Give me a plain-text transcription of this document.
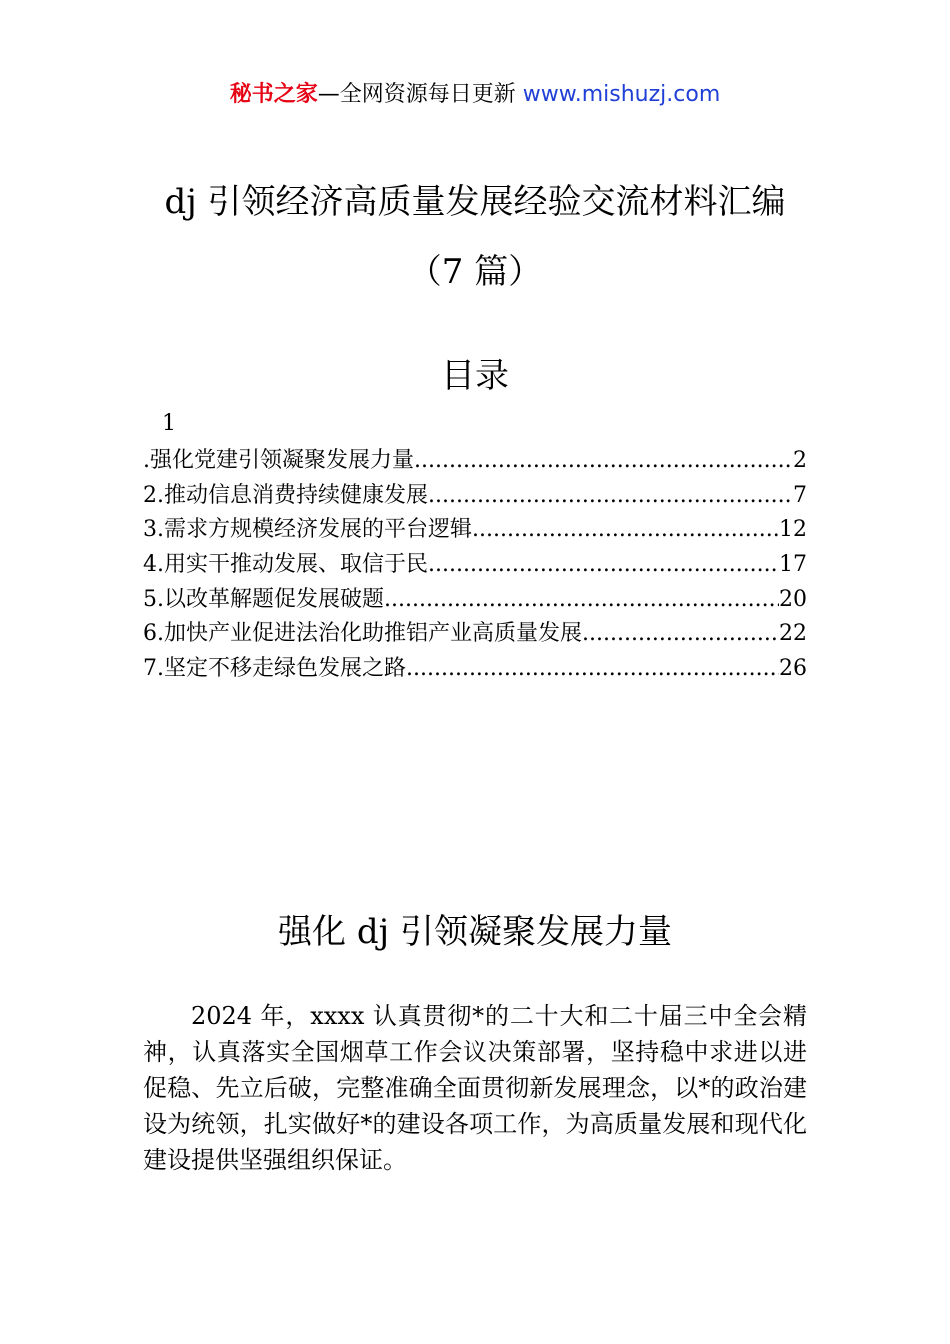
秘书之家—全网资源每日更新 www.mishuzj.com
dj 引领经济高质量发展经验交流材料汇编
（7 篇）
目录
1
.强化党建引领凝聚发展力量 .....	2
2.推动信息消费持续健康发展 .....	7
3.需求方规模经济发展的平台逻辑 .....	12
4.用实干推动发展、取信于民 .....	17
5.以改革解题促发展破题 .....	20
6.加快产业促进法治化助推铝产业高质量发展 .....	22
7.坚定不移走绿色发展之路 .....	26
强化 dj 引领凝聚发展力量

2024 年，xxxx 认真贯彻*的二十大和二十届三中全会精神，认真落实全国烟草工作会议决策部署，坚持稳中求进以进促稳、先立后破，完整准确全面贯彻新发展理念，以*的政治建设为统领，扎实做好*的建设各项工作，为高质量发展和现代化建设提供坚强组织保证。
